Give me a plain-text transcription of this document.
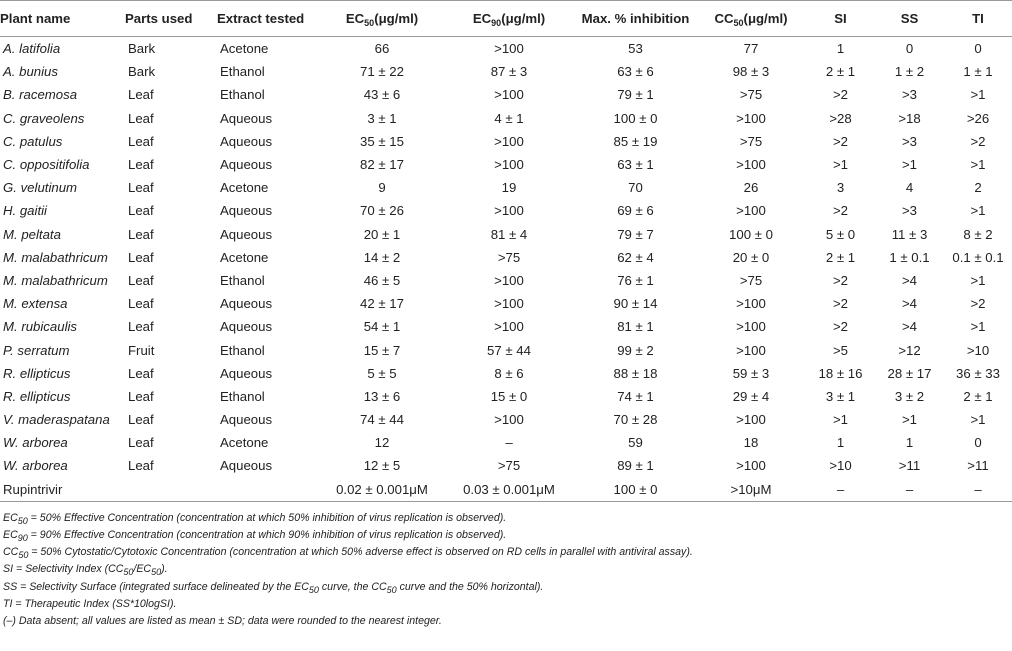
Plant name	Parts used	Extract tested	$EC_{50}(\mu g/ml)$	$EC_{90}(\mu g/ml)$	Max. % inhibition	$CC_{50}(\mu g/ml)$	SI	SS	TI
A. latifolia	Bark	Acetone	66	>100	53	77	1	0	0
A. bunius	Bark	Ethanol	71 ± 22	87 ± 3	63 ± 6	98 ± 3	2 ± 1	1 ± 2	1 ± 1
B. racemosa	Leaf	Ethanol	43 ± 6	>100	79 ± 1	>75	>2	>3	>1
C. graveolens	Leaf	Aqueous	3 ± 1	4 ± 1	100 ± 0	>100	>28	>18	>26
C. patulus	Leaf	Aqueous	35 ± 15	>100	85 ± 19	>75	>2	>3	>2
C. oppositifolia	Leaf	Aqueous	82 ± 17	>100	63 ± 1	>100	>1	>1	>1
G. velutinum	Leaf	Acetone	9	19	70	26	3	4	2
H. gaitii	Leaf	Aqueous	70 ± 26	>100	69 ± 6	>100	>2	>3	>1
M. peltata	Leaf	Aqueous	20 ± 1	81 ± 4	79 ± 7	100 ± 0	5 ± 0	11 ± 3	8 ± 2
M. malabathricum	Leaf	Acetone	14 ± 2	>75	62 ± 4	20 ± 0	2 ± 1	1 ± 0.1	0.1 ± 0.1
M. malabathricum	Leaf	Ethanol	46 ± 5	>100	76 ± 1	>75	>2	>4	>1
M. extensa	Leaf	Aqueous	42 ± 17	>100	90 ± 14	>100	>2	>4	>2
M. rubicaulis	Leaf	Aqueous	54 ± 1	>100	81 ± 1	>100	>2	>4	>1
P. serratum	Fruit	Ethanol	15 ± 7	57 ± 44	99 ± 2	>100	>5	>12	>10
R. ellipticus	Leaf	Aqueous	5 ± 5	8 ± 6	88 ± 18	59 ± 3	18 ± 16	28 ± 17	36 ± 33
R. ellipticus	Leaf	Ethanol	13 ± 6	15 ± 0	74 ± 1	29 ± 4	3 ± 1	3 ± 2	2 ± 1
V. maderaspatana	Leaf	Aqueous	74 ± 44	>100	70 ± 28	>100	>1	>1	>1
W. arborea	Leaf	Acetone	12	–	59	18	1	1	0
W. arborea	Leaf	Aqueous	12 ± 5	>75	89 ± 1	>100	>10	>11	>11
Rupintrivir			0.02 ± 0.001μM	0.03 ± 0.001μM	100 ± 0	>10μM	–	–	–
$EC_{50} = 50\%$ Effective Concentration (concentration at which 50% inhibition of virus replication is observed).
$EC_{90} = 90\%$ Effective Concentration (concentration at which 90% inhibition of virus replication is observed).
$CC_{50} = 50\%$ Cytostatic/Cytotoxic Concentration (concentration at which 50% adverse effect is observed on RD cells in parallel with antiviral assay).
SI = Selectivity Index $(CC_{50}/EC_{50})$.
SS = Selectivity Surface (integrated surface delineated by the $EC_{50}$ curve, the $CC_{50}$ curve and the 50% horizontal).
TI = Therapeutic Index (SS*10logSI).
(–) Data absent; all values are listed as mean ± SD; data were rounded to the nearest integer.
